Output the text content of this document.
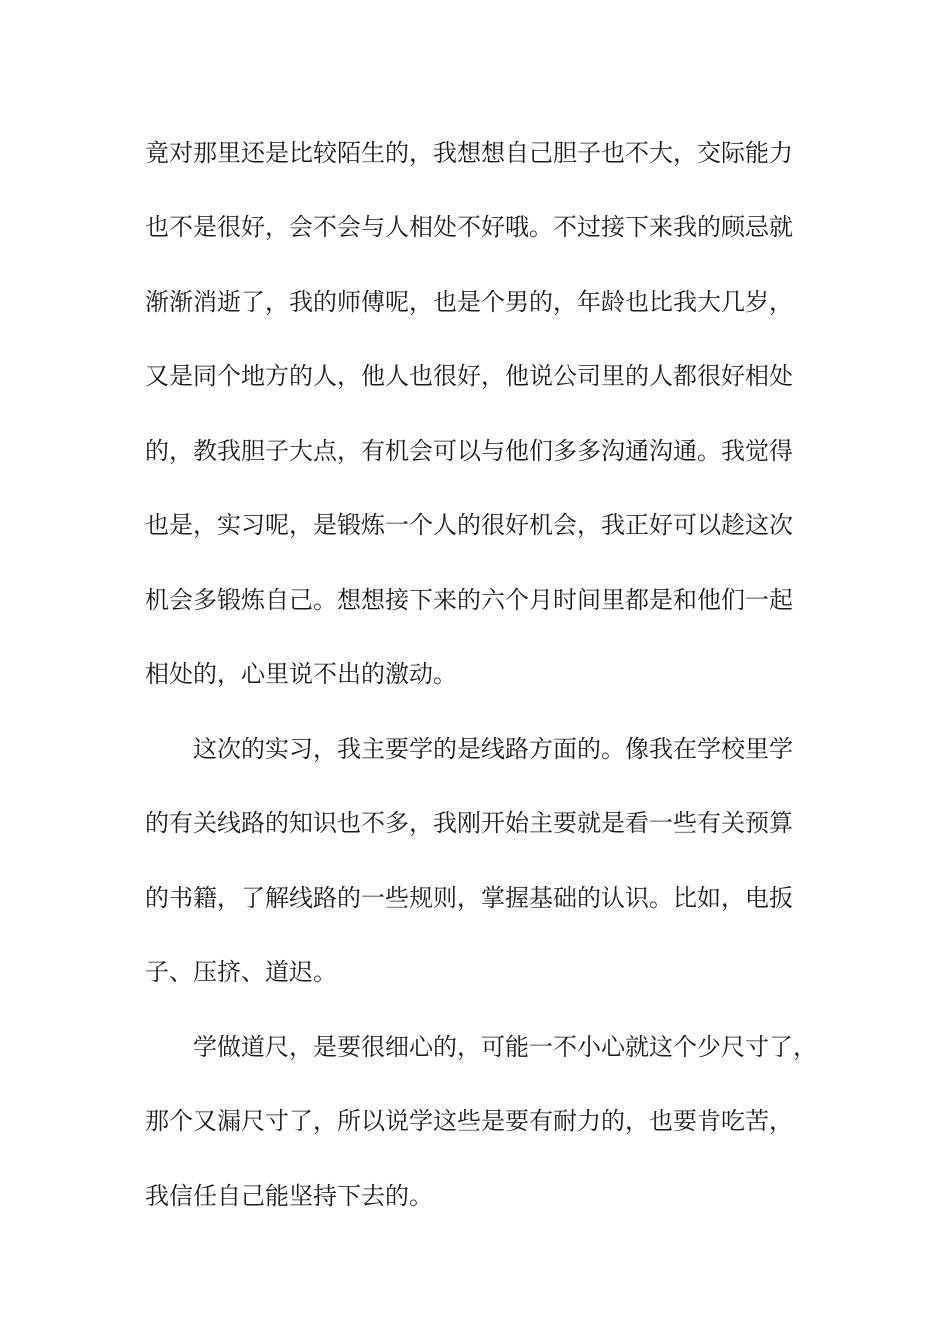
竟对那里还是比较陌生的，我想想自己胆子也不大，交际能力
也不是很好，会不会与人相处不好哦。不过接下来我的顾忌就
渐渐消逝了，我的师傅呢，也是个男的，年龄也比我大几岁，
又是同个地方的人，他人也很好，他说公司里的人都很好相处
的，教我胆子大点，有机会可以与他们多多沟通沟通。我觉得
也是，实习呢，是锻炼一个人的很好机会，我正好可以趁这次
机会多锻炼自己。想想接下来的六个月时间里都是和他们一起
相处的，心里说不出的激动。
这次的实习，我主要学的是线路方面的。像我在学校里学
的有关线路的知识也不多，我刚开始主要就是看一些有关预算
的书籍，了解线路的一些规则，掌握基础的认识。比如，电扳
子、压挤、道迟。
学做道尺，是要很细心的，可能一不小心就这个少尺寸了，
那个又漏尺寸了，所以说学这些是要有耐力的，也要肯吃苦，
我信任自己能坚持下去的。
